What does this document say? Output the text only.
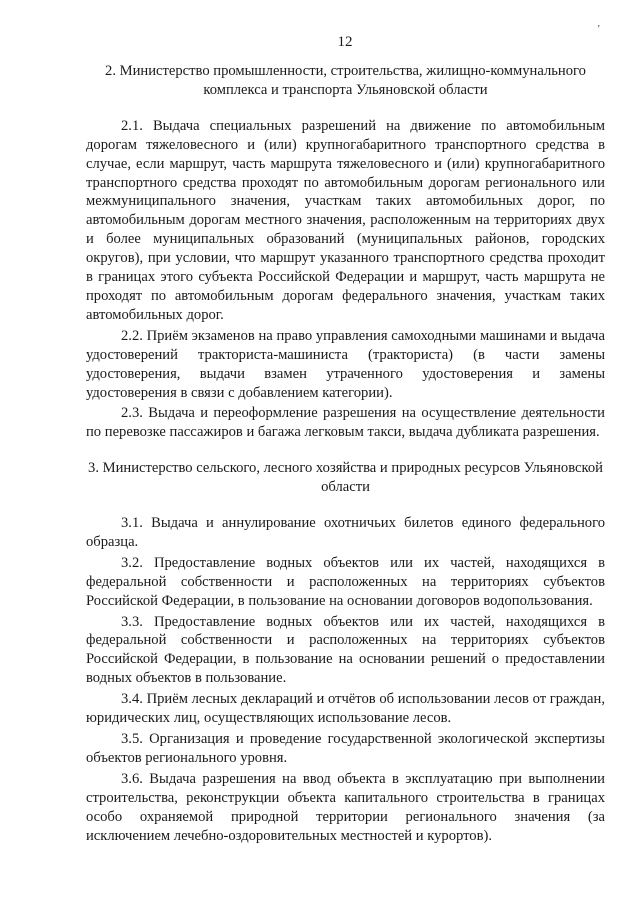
ʼ
12

2. Министерство промышленности, строительства, жилищно-коммунального комплекса и транспорта Ульяновской области

2.1. Выдача специальных разрешений на движение по автомобильным дорогам тяжеловесного и (или) крупногабаритного транспортного средства в случае, если маршрут, часть маршрута тяжеловесного и (или) крупногабаритного транспортного средства проходят по автомобильным дорогам регионального или межмуниципального значения, участкам таких автомобильных дорог, по автомобильным дорогам местного значения, расположенным на территориях двух и более муниципальных образований (муниципальных районов, городских округов), при условии, что маршрут указанного транспортного средства проходит в границах этого субъекта Российской Федерации и маршрут, часть маршрута не проходят по автомобильным дорогам федерального значения, участкам таких автомобильных дорог.

2.2. Приём экзаменов на право управления самоходными машинами и выдача удостоверений тракториста-машиниста (тракториста) (в части замены удостоверения, выдачи взамен утраченного удостоверения и замены удостоверения в связи с добавлением категории).

2.3. Выдача и переоформление разрешения на осуществление деятельности по перевозке пассажиров и багажа легковым такси, выдача дубликата разрешения.

3. Министерство сельского, лесного хозяйства и природных ресурсов Ульяновской области

3.1. Выдача и аннулирование охотничьих билетов единого федерального образца.

3.2. Предоставление водных объектов или их частей, находящихся в федеральной собственности и расположенных на территориях субъектов Российской Федерации, в пользование на основании договоров водопользования.

3.3. Предоставление водных объектов или их частей, находящихся в федеральной собственности и расположенных на территориях субъектов Российской Федерации, в пользование на основании решений о предоставлении водных объектов в пользование.

3.4. Приём лесных деклараций и отчётов об использовании лесов от граждан, юридических лиц, осуществляющих использование лесов.

3.5. Организация и проведение государственной экологической экспертизы объектов регионального уровня.

3.6. Выдача разрешения на ввод объекта в эксплуатацию при выполнении строительства, реконструкции объекта капитального строительства в границах особо охраняемой природной территории регионального значения (за исключением лечебно-оздоровительных местностей и курортов).
